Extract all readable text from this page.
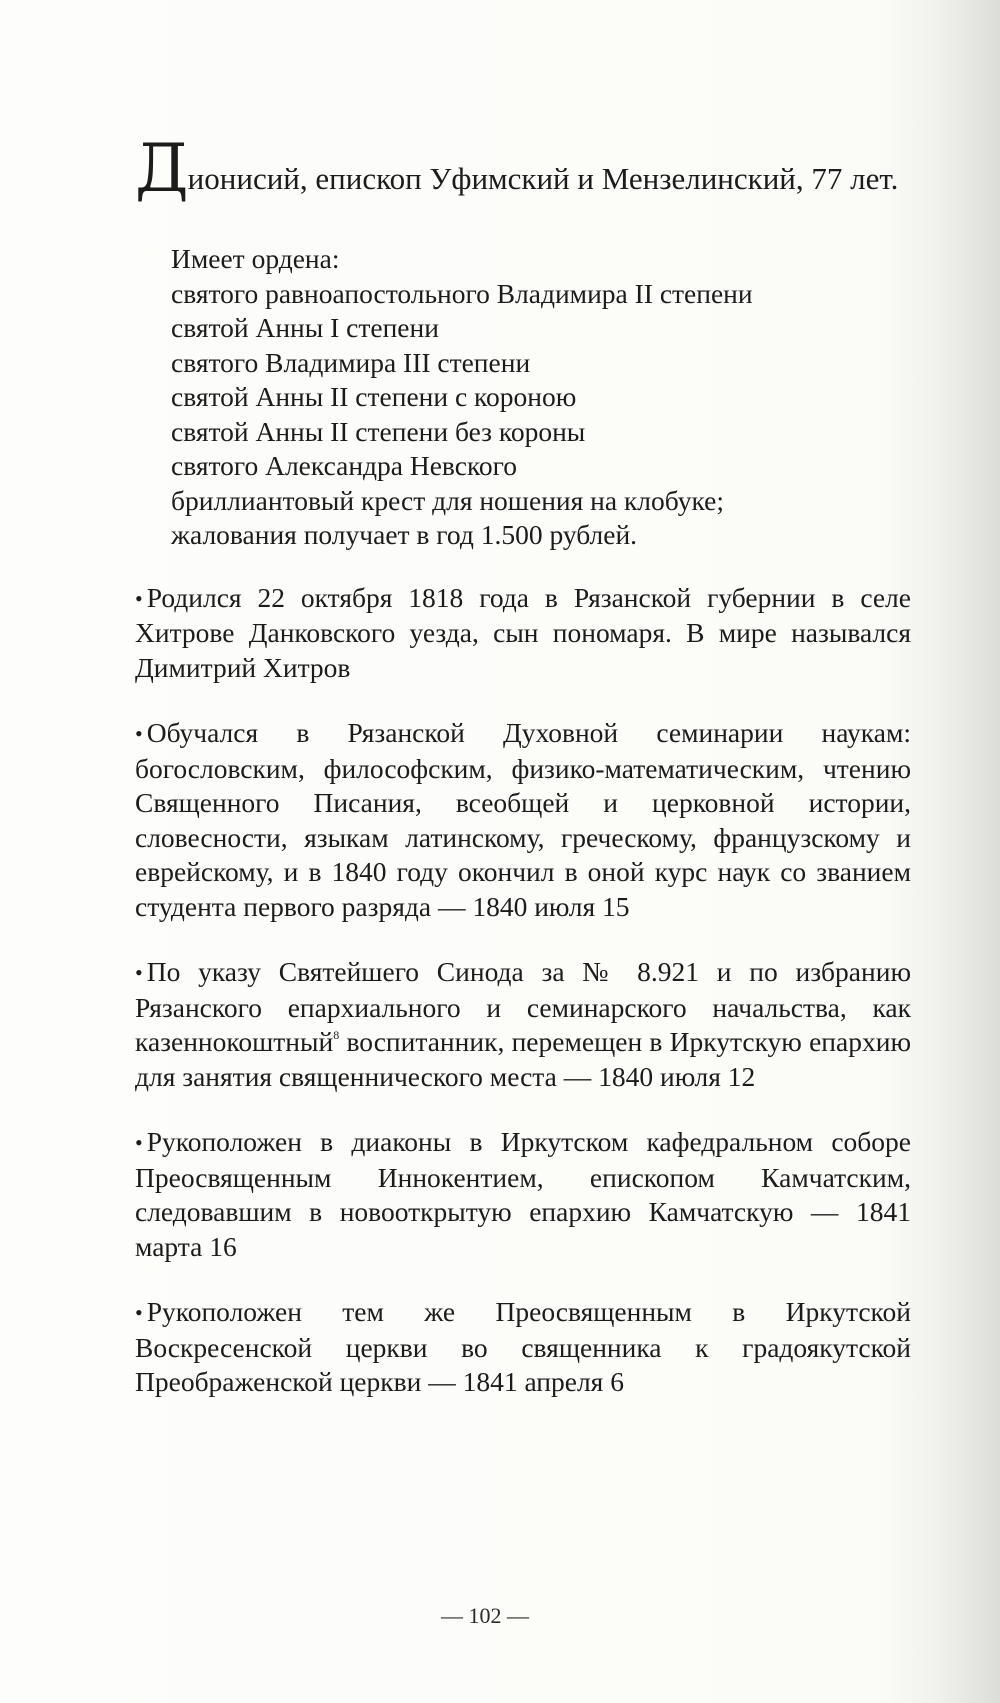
Д ионисий, епископ Уфимский и Мензелинский, 77 лет.
Имеет ордена:
святого равноапостольного Владимира II степени
святой Анны I степени
святого Владимира III степени
святой Анны II степени с короною
святой Анны II степени без короны
святого Александра Невского
бриллиантовый крест для ношения на клобуке;
жалования получает в год 1.500 рублей.

• Родился 22 октября 1818 года в Рязанской губернии в селе Хитрове Данковского уезда, сын пономаря. В мире назывался Димитрий Хитров

• Обучался в Рязанской Духовной семинарии наукам: богословским, философским, физико-математическим, чтению Священного Писания, всеобщей и церковной истории, словесности, языкам латинскому, греческому, французскому и еврейскому, и в 1840 году окончил в оной курс наук со званием студента первого разряда — 1840 июля 15

• По указу Святейшего Синода за № 8.921 и по избранию Рязанского епархиального и семинарского начальства, как казеннокоштный$^8$ воспитанник, перемещен в Иркутскую епархию для занятия священнического места — 1840 июля 12

• Рукоположен в диаконы в Иркутском кафедральном соборе Преосвященным Иннокентием, епископом Камчатским, следовавшим в новооткрытую епархию Камчатскую — 1841 марта 16

• Рукоположен тем же Преосвященным в Иркутской Воскресенской церкви во священника к градоякутской Преображенской церкви — 1841 апреля 6

— 102 —
